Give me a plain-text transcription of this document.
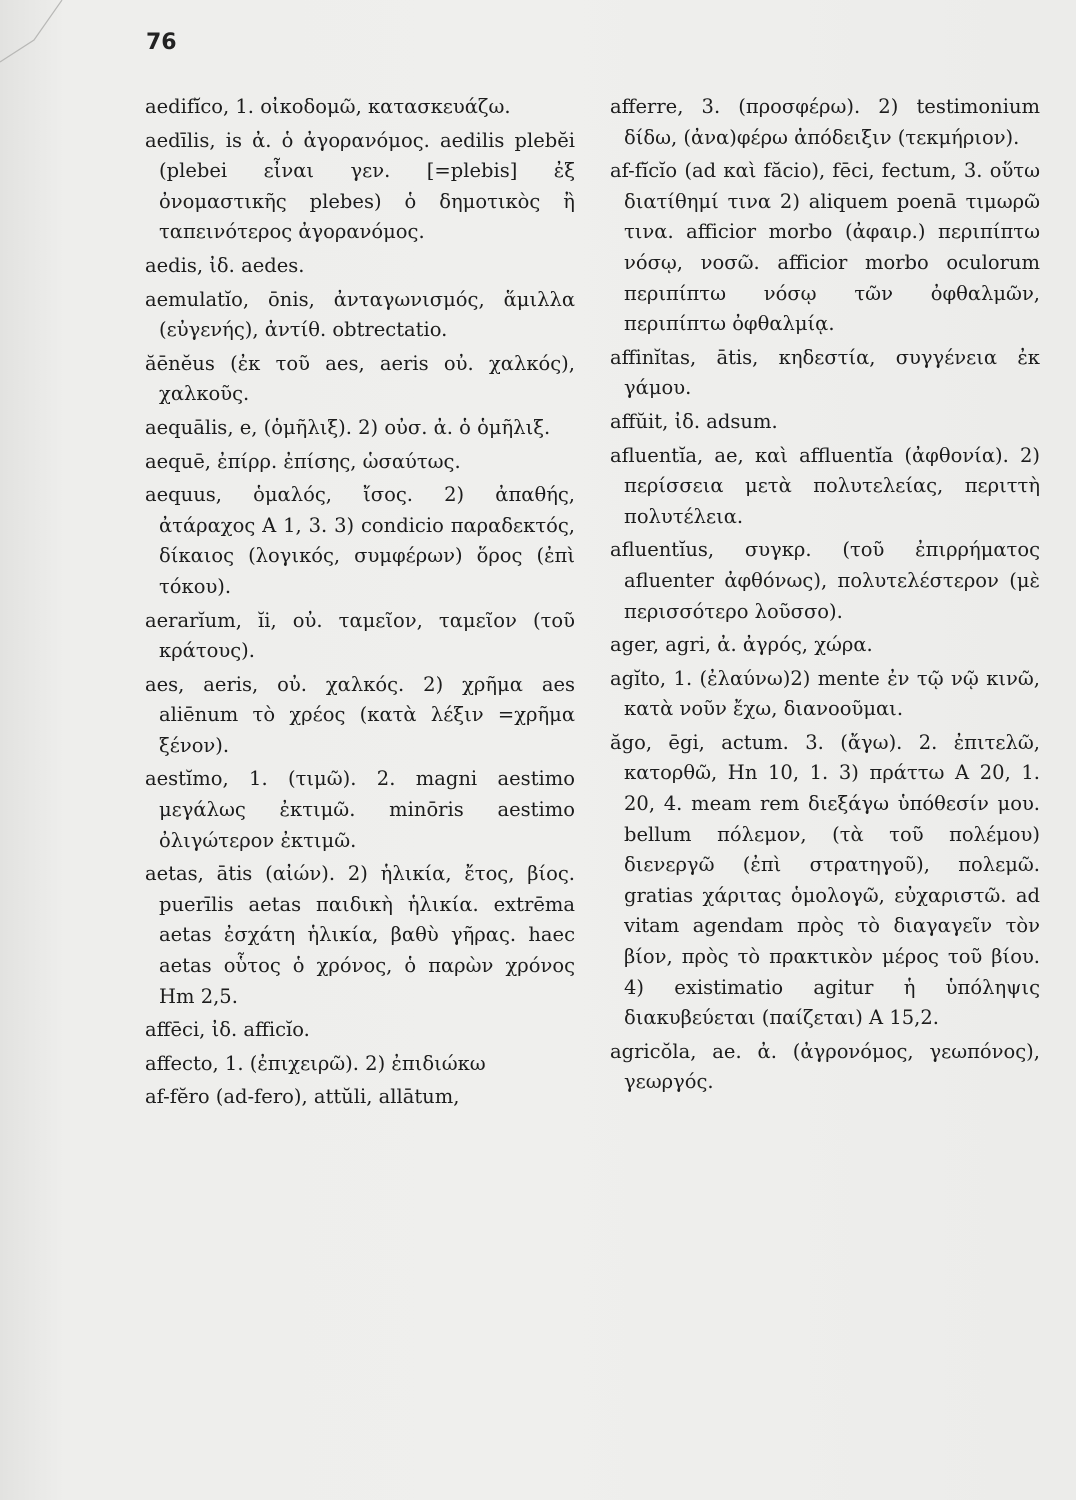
76

aedifĭco, 1. οἰκοδομῶ, κατασκευάζω.

aedīlis, is ἀ. ὁ ἀγορανόμος. aedilis plebĕi (plebei εἶναι γεν. [=plebis] ἐξ ὀνομαστικῆς plebes) ὁ δημοτικὸς ἢ ταπεινότερος ἀγορανόμος.

aedis, ἰδ. aedes.

aemulatĭo, ōnis, ἀνταγωνισμός, ἅμιλλα (εὐγενής), ἀντίθ. obtrectatio.

ăēnĕus (ἐκ τοῦ aes, aeris οὐ. χαλκός), χαλκοῦς.

aequālis, e, (ὁμῆλιξ). 2) οὐσ. ἀ. ὁ ὁμῆλιξ.

aequē, ἐπίρρ. ἐπίσης, ὡσαύτως.

aequus, ὁμαλός, ἴσος. 2) ἀπαθής, ἀτάραχος Α 1, 3. 3) condicio παραδεκτός, δίκαιος (λογικός, συμφέρων) ὅρος (ἐπὶ τόκου).

aerarĭum, ĭi, οὐ. ταμεῖον, ταμεῖον (τοῦ κράτους).

aes, aeris, οὐ. χαλκός. 2) χρῆμα aes aliēnum τὸ χρέος (κατὰ λέξιν =χρῆμα ξένον).

aestĭmo, 1. (τιμῶ). 2. magni aestimo μεγάλως ἐκτιμῶ. minōris aestimo ὀλιγώτερον ἐκτιμῶ.

aetas, ātis (αἰών). 2) ἡλικία, ἔτος, βίος. puerīlis aetas παιδικὴ ἡλικία. extrēma aetas ἐσχάτη ἡλικία, βαθὺ γῆρας. haec aetas οὗτος ὁ χρόνος, ὁ παρὼν χρόνος Hm 2,5.

affēci, ἰδ. afficĭo.

affecto, 1. (ἐπιχειρῶ). 2) ἐπιδιώκω

af-fĕro (ad-fero), attŭli, allātum,

afferre, 3. (προσφέρω). 2) testimonium δίδω, (ἀνα)φέρω ἀπόδειξιν (τεκμήριον).

af-fĭcĭo (ad καὶ făcio), fēci, fectum, 3. οὕτω διατίθημί τινα 2) aliquem poenā τιμωρῶ τινα. afficior morbo (ἀφαιρ.) περιπίπτω νόσῳ, νοσῶ. afficior morbo oculorum περιπίπτω νόσῳ τῶν ὀφθαλμῶν, περιπίπτω ὀφθαλμίᾳ.

affinĭtas, ātis, κηδεστία, συγγένεια ἐκ γάμου.

affŭit, ἰδ. adsum.

afluentĭa, ae, καὶ affluentĭa (ἀφθονία). 2) περίσσεια μετὰ πολυτελείας, περιττὴ πολυτέλεια.

afluentĭus, συγκρ. (τοῦ ἐπιρρήματος afluenter ἀφθόνως), πολυτελέστερον (μὲ περισσότερο λοῦσσο).

ager, agri, ἀ. ἀγρός, χώρα.

agĭto, 1. (ἐλαύνω)2) mente ἐν τῷ νῷ κινῶ, κατὰ νοῦν ἔχω, διανοοῦμαι.

ăgo, ēgi, actum. 3. (ἄγω). 2. ἐπιτελῶ, κατορθῶ, Hn 10, 1. 3) πράττω Α 20, 1. 20, 4. meam rem διεξάγω ὑπόθεσίν μου. bellum πόλεμον, (τὰ τοῦ πολέμου) διενεργῶ (ἐπὶ στρατηγοῦ), πολεμῶ. gratias χάριτας ὁμολογῶ, εὐχαριστῶ. ad vitam agendam πρὸς τὸ διαγαγεῖν τὸν βίον, πρὸς τὸ πρακτικὸν μέρος τοῦ βίου. 4) existimatio agitur ἡ ὑπόληψις διακυβεύεται (παίζεται) Α 15,2.

agricŏla, ae. ἀ. (ἀγρονόμος, γεωπόνος), γεωργός.
